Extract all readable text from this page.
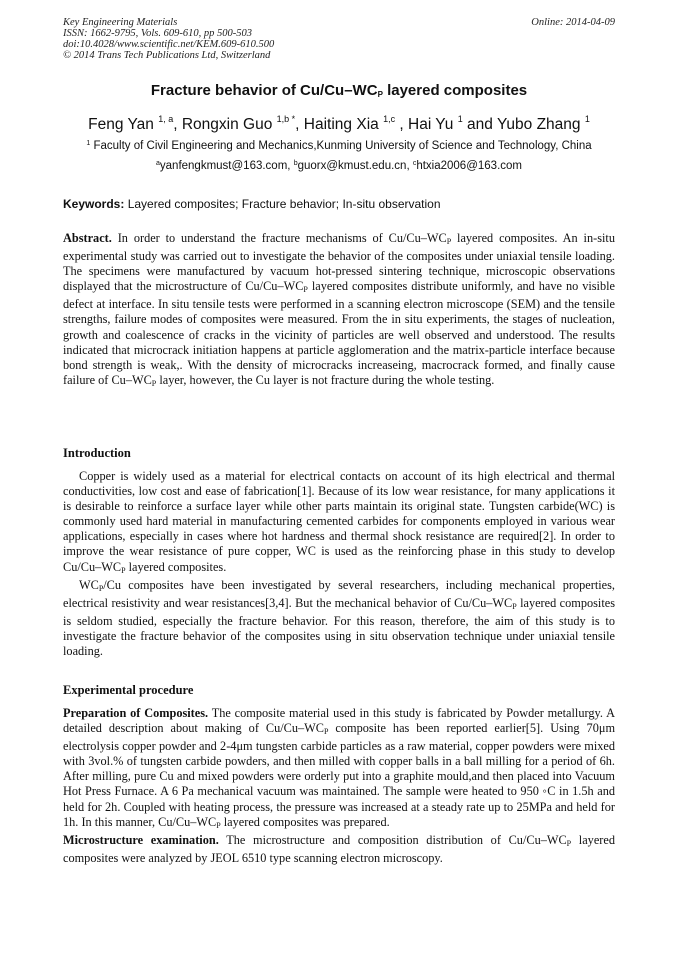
Key Engineering Materials
ISSN: 1662-9795, Vols. 609-610, pp 500-503
doi:10.4028/www.scientific.net/KEM.609-610.500
© 2014 Trans Tech Publications Ltd, Switzerland
Online: 2014-04-09
Fracture behavior of $Cu/Cu-WC_P$ layered composites
Feng Yan $^{1, a}$, Rongxin Guo $^{1,b *}$, Haiting Xia $^{1,c}$ , Hai Yu $^1$ and Yubo Zhang $^1$
$^1$ Faculty of Civil Engineering and Mechanics,Kunming University of Science and Technology, China
$^a$yanfengkmust@163.com, $^b$guorx@kmust.edu.cn, $^c$htxia2006@163.com
Keywords: Layered composites; Fracture behavior; In-situ observation

Abstract. In order to understand the fracture mechanisms of $Cu/Cu-WC_P$ layered composites. An in-situ experimental study was carried out to investigate the behavior of the composites under uniaxial tensile loading. The specimens were manufactured by vacuum hot-pressed sintering technique, microscopic observations displayed that the microstructure of $Cu/Cu-WC_P$ layered composites distribute uniformly, and have no visible defect at interface. In situ tensile tests were performed in a scanning electron microscope (SEM) and the tensile strengths, failure modes of composites were measured. From the in situ experiments, the stages of nucleation, growth and coalescence of cracks in the vicinity of particles are well observed and understood. The results indicated that microcrack initiation happens at particle agglomeration and the matrix-particle interface because bond strength is weak,. With the density of microcracks increaseing, macrocrack formed, and finally cause failure of $Cu-WC_P$ layer, however, the Cu layer is not fracture during the whole testing.

Introduction

Copper is widely used as a material for electrical contacts on account of its high electrical and thermal conductivities, low cost and ease of fabrication[1]. Because of its low wear resistance, for many applications it is desirable to reinforce a surface layer while other parts maintain its original state. Tungsten carbide(WC) is commonly used hard material in manufacturing cemented carbides for components employed in various wear applications, especially in cases where hot hardness and thermal shock resistance are required[2]. In order to improve the wear resistance of pure copper, WC is used as the reinforcing phase in this study to develop $Cu/Cu-WC_P$ layered composites.

$WC_P/Cu$ composites have been investigated by several researchers, including mechanical properties, electrical resistivity and wear resistances[3,4]. But the mechanical behavior of $Cu/Cu-WC_P$ layered composites is seldom studied, especially the fracture behavior. For this reason, therefore, the aim of this study is to investigate the fracture behavior of the composites using in situ observation technique under uniaxial tensile loading.

Experimental procedure

Preparation of Composites. The composite material used in this study is fabricated by Powder metallurgy. A detailed description about making of $Cu/Cu-WC_P$ composite has been reported earlier[5]. Using 70μm electrolysis copper powder and 2-4μm tungsten carbide particles as a raw material, copper powders were mixed with 3vol.% of tungsten carbide powders, and then milled with copper balls in a ball milling for a period of 6h. After milling, pure Cu and mixed powders were orderly put into a graphite mould,and then placed into Vacuum Hot Press Furnace. A 6 Pa mechanical vacuum was maintained. The sample were heated to 950 ◦C in 1.5h and held for 2h. Coupled with heating process, the pressure was increased at a steady rate up to 25MPa and held for 1h. In this manner, $Cu/Cu-WC_P$ layered composites was prepared.

Microstructure examination. The microstructure and composition distribution of $Cu/Cu-WC_P$ layered composites were analyzed by JEOL 6510 type scanning electron microscopy.
